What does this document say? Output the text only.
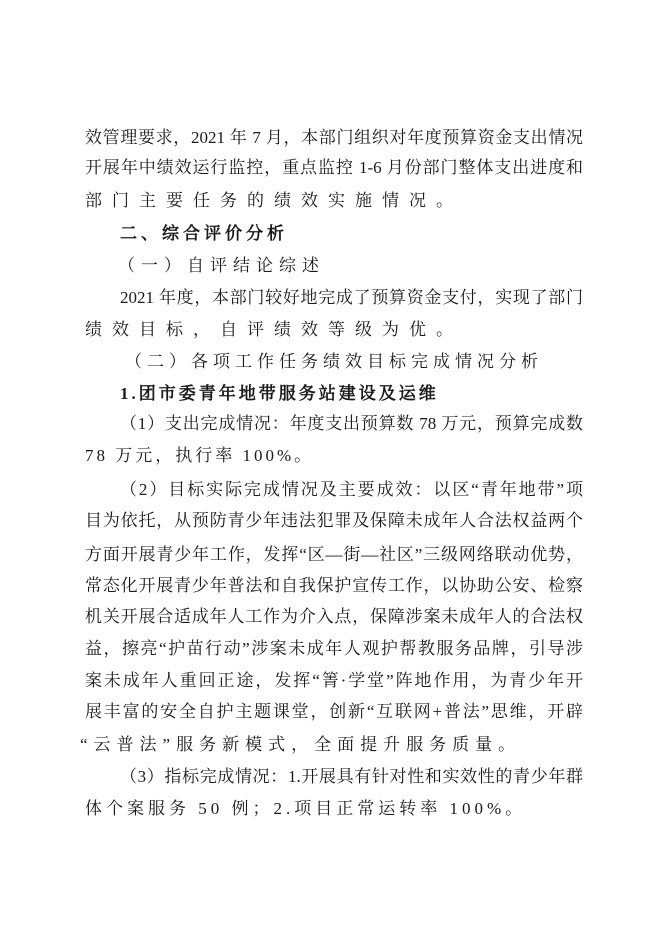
效管理要求，2021 年 7 月，本部门组织对年度预算资金支出情况
开展年中绩效运行监控，重点监控 1-6 月份部门整体支出进度和
部门主要任务的绩效实施情况。
二、综合评价分析
（一）自评结论综述
2021 年度，本部门较好地完成了预算资金支付，实现了部门
绩效目标，自评绩效等级为优。
（二）各项工作任务绩效目标完成情况分析
1.团市委青年地带服务站建设及运维
（1）支出完成情况：年度支出预算数 78 万元，预算完成数
78 万元，执行率 100%。
（2）目标实际完成情况及主要成效：以区“青年地带”项
目为依托，从预防青少年违法犯罪及保障未成年人合法权益两个
方面开展青少年工作，发挥“区—街—社区”三级网络联动优势，
常态化开展青少年普法和自我保护宣传工作，以协助公安、检察
机关开展合适成年人工作为介入点，保障涉案未成年人的合法权
益，擦亮“护苗行动”涉案未成年人观护帮教服务品牌，引导涉
案未成年人重回正途，发挥“箐·学堂”阵地作用，为青少年开
展丰富的安全自护主题课堂，创新“互联网+普法”思维，开辟
“云普法”服务新模式，全面提升服务质量。
（3）指标完成情况：1.开展具有针对性和实效性的青少年群
体个案服务 50 例；2.项目正常运转率 100%。
